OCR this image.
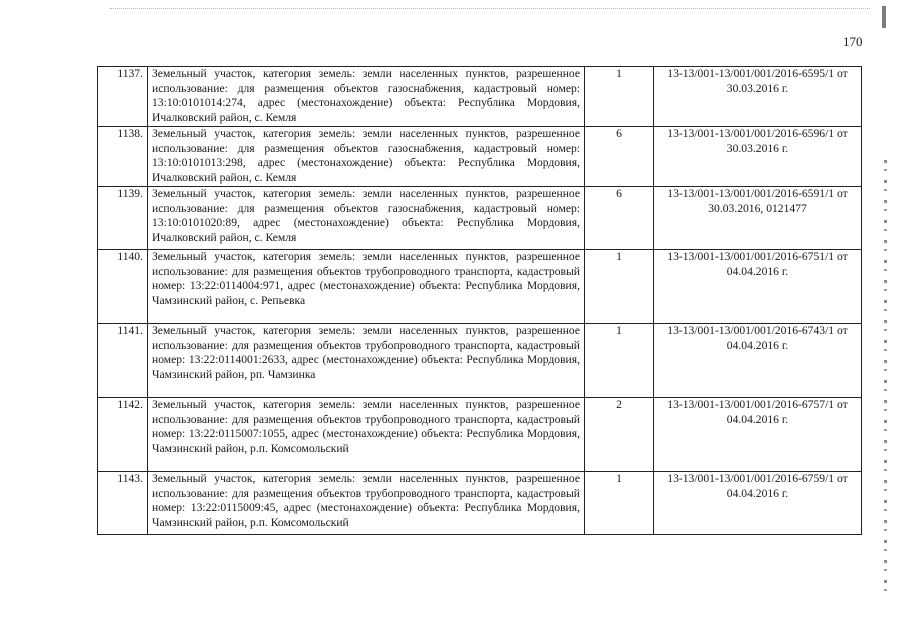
170
1137.	Земельный участок, категория земель: земли населенных пунктов, разрешенное использование: для размещения объектов газоснабжения, кадастровый номер: 13:10:0101014:274, адрес (местонахождение) объекта: Республика Мордовия, Ичалковский район, с. Кемля	1	13-13/001-13/001/001/2016-6595/1 от 30.03.2016 г.
1138.	Земельный участок, категория земель: земли населенных пунктов, разрешенное использование: для размещения объектов газоснабжения, кадастровый номер: 13:10:0101013:298, адрес (местонахождение) объекта: Республика Мордовия, Ичалковский район, с. Кемля	6	13-13/001-13/001/001/2016-6596/1 от 30.03.2016 г.
1139.	Земельный участок, категория земель: земли населенных пунктов, разрешенное использование: для размещения объектов газоснабжения, кадастровый номер: 13:10:0101020:89, адрес (местонахождение) объекта: Республика Мордовия, Ичалковский район, с. Кемля	6	13-13/001-13/001/001/2016-6591/1 от 30.03.2016, 0121477
1140.	Земельный участок, категория земель: земли населенных пунктов, разрешенное использование: для размещения объектов трубопроводного транспорта, кадастровый номер: 13:22:0114004:971, адрес (местонахождение) объекта: Республика Мордовия, Чамзинский район, с. Репьевка	1	13-13/001-13/001/001/2016-6751/1 от 04.04.2016 г.
1141.	Земельный участок, категория земель: земли населенных пунктов, разрешенное использование: для размещения объектов трубопроводного транспорта, кадастровый номер: 13:22:0114001:2633, адрес (местонахождение) объекта: Республика Мордовия, Чамзинский район, рп. Чамзинка	1	13-13/001-13/001/001/2016-6743/1 от 04.04.2016 г.
1142.	Земельный участок, категория земель: земли населенных пунктов, разрешенное использование: для размещения объектов трубопроводного транспорта, кадастровый номер: 13:22:0115007:1055, адрес (местонахождение) объекта: Республика Мордовия, Чамзинский район, р.п. Комсомольский	2	13-13/001-13/001/001/2016-6757/1 от 04.04.2016 г.
1143.	Земельный участок, категория земель: земли населенных пунктов, разрешенное использование: для размещения объектов трубопроводного транспорта, кадастровый номер: 13:22:0115009:45, адрес (местонахождение) объекта: Республика Мордовия, Чамзинский район, р.п. Комсомольский	1	13-13/001-13/001/001/2016-6759/1 от 04.04.2016 г.
